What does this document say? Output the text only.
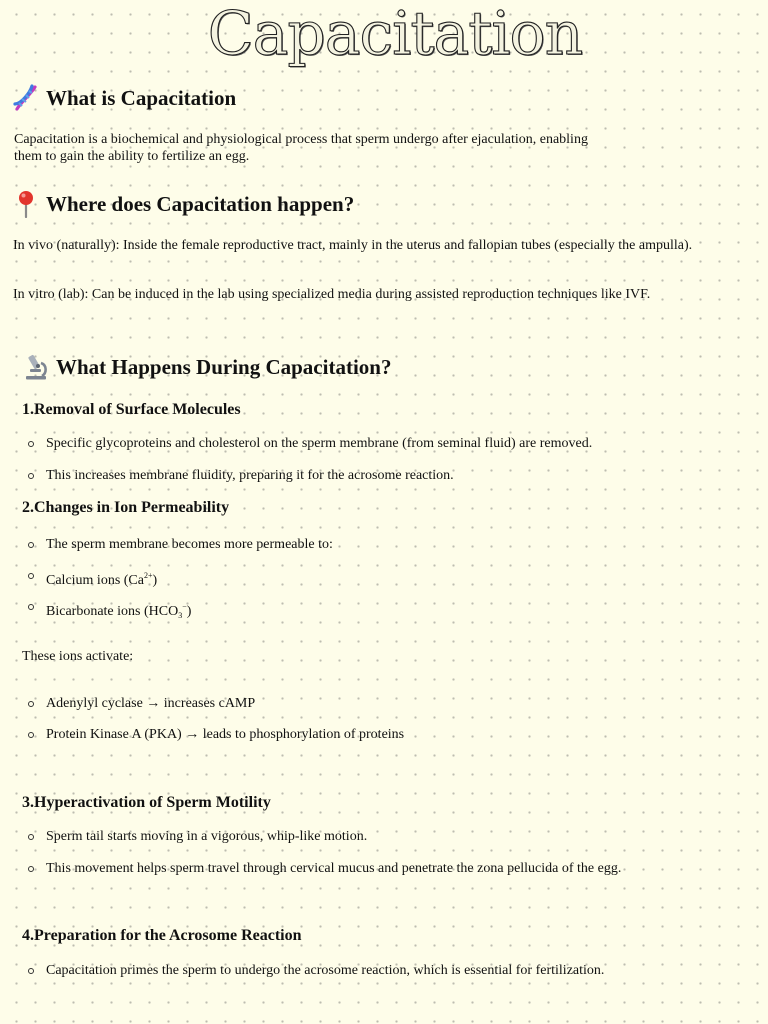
Capacitation
What is Capacitation

Capacitation is a biochemical and physiological process that sperm undergo after ejaculation, enabling
them to gain the ability to fertilize an egg.

Where does Capacitation happen?

In vivo (naturally): Inside the female reproductive tract, mainly in the uterus and fallopian tubes (especially the ampulla).

In vitro (lab): Can be induced in the lab using specialized media during assisted reproduction techniques like IVF.

What Happens During Capacitation?
1.Removal of Surface Molecules
Specific glycoproteins and cholesterol on the sperm membrane (from seminal fluid) are removed.
This increases membrane fluidity, preparing it for the acrosome reaction.
2.Changes in Ion Permeability
The sperm membrane becomes more permeable to:
Calcium ions $(Ca^{2+})$
Bicarbonate ions $(HCO_3^-)$

These ions activate:

Adenylyl cyclase → increases cAMP
Protein Kinase A (PKA) → leads to phosphorylation of proteins
3.Hyperactivation of Sperm Motility
Sperm tail starts moving in a vigorous, whip-like motion.
This movement helps sperm travel through cervical mucus and penetrate the zona pellucida of the egg.
4.Preparation for the Acrosome Reaction
Capacitation primes the sperm to undergo the acrosome reaction, which is essential for fertilization.
